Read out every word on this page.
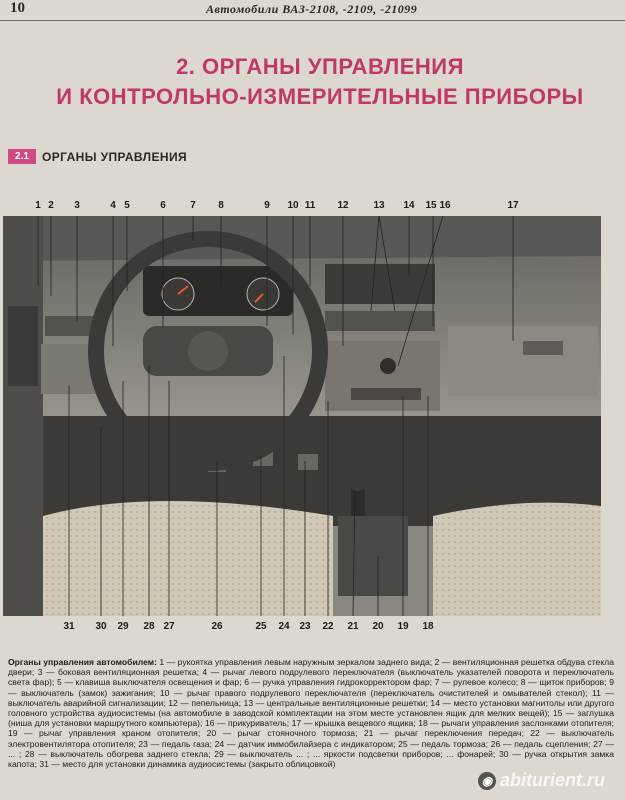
10	Автомобили ВАЗ-2108, -2109, -21099
2. ОРГАНЫ УПРАВЛЕНИЯ
И КОНТРОЛЬНО-ИЗМЕРИТЕЛЬНЫЕ ПРИБОРЫ
2.1	ОРГАНЫ УПРАВЛЕНИЯ
1 2	3	4 5	6	7	8	9	10 11	12	13	14	15 16	17
31	30	29	28 27	26	25	24 23	22	21	20	19	18
Органы управления автомобилем: 1 — рукоятка управления левым наружным зеркалом заднего вида; 2 — вентиляционная решетка обдува стекла двери; 3 — боковая вентиляционная решетка; 4 — рычаг левого подрулевого переключателя (выключатель указателей поворота и переключатель света фар); 5 — клавиша выключателя освещения и фар; 6 — ручка управления гидрокорректором фар; 7 — рулевое колесо; 8 — щиток приборов; 9 — выключатель (замок) зажигания; 10 — рычаг правого подрулевого переключателя (переключатель очистителей и омывателей стекол); 11 — выключатель аварийной сигнализации; 12 — пепельница; 13 — центральные вентиляционные решетки; 14 — место установки магнитолы или другого головного устройства аудиосистемы (на автомобиле в заводской комплектации на этом месте установлен ящик для мелких вещей); 15 — заглушка (ниша для установки маршрутного компьютера); 16 — прикуриватель; 17 — крышка вещевого ящика; 18 — рычаги управления заслонками отопителя; 19 — рычаг управления краном отопителя; 20 — рычаг стояночного тормоза; 21 — рычаг переключения передач; 22 — выключатель электровентилятора отопителя; 23 — педаль газа; 24 — датчик иммобилайзера с индикатором; 25 — педаль тормоза; 26 — педаль сцепления; 27 — ... ; 28 — выключатель обогрева заднего стекла; 29 — выключатель ... ; ... яркости подсветки приборов; ... фонарей; 30 — ручка открытия замка капота; 31 — место для установки динамика аудиосистемы (закрыто облицовкой)
◉ abiturient.ru
